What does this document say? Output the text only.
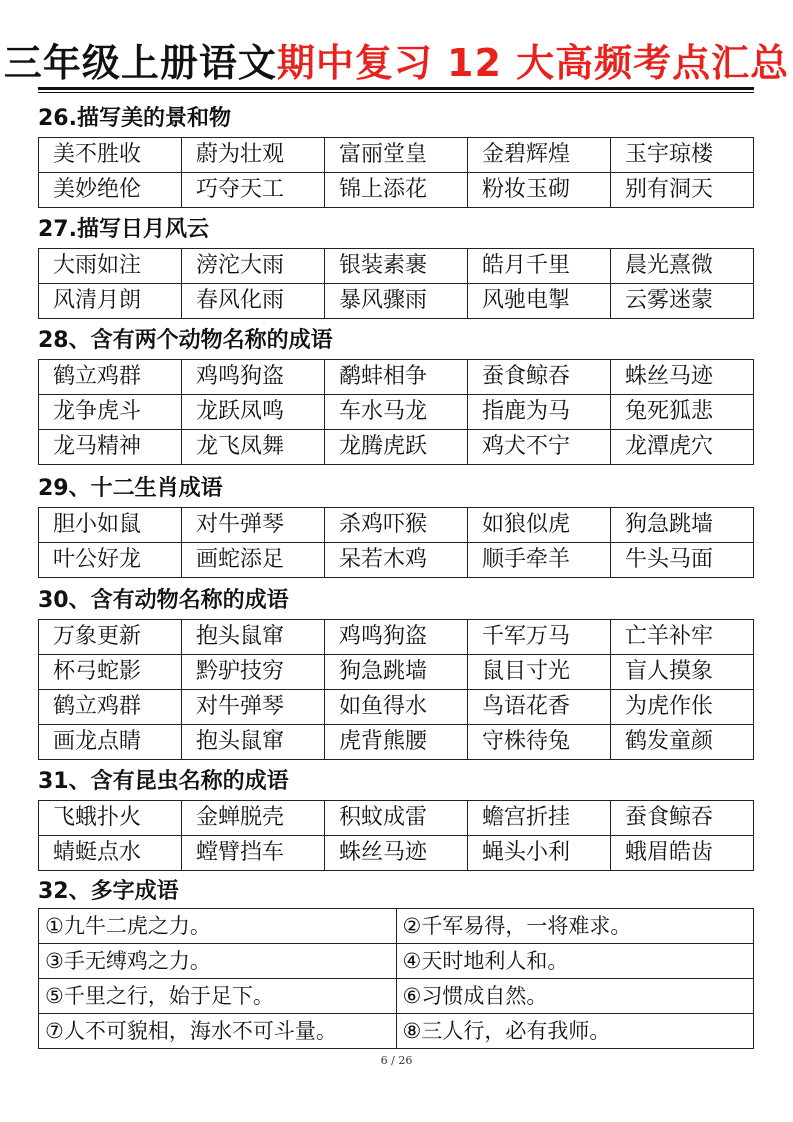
三年级上册语文期中复习 12 大高频考点汇总
26.描写美的景和物
美不胜收	蔚为壮观	富丽堂皇	金碧辉煌	玉宇琼楼
美妙绝伦	巧夺天工	锦上添花	粉妆玉砌	别有洞天
27.描写日月风云
大雨如注	滂沱大雨	银装素裹	皓月千里	晨光熹微
风清月朗	春风化雨	暴风骤雨	风驰电掣	云雾迷蒙
28、含有两个动物名称的成语
鹤立鸡群	鸡鸣狗盗	鹬蚌相争	蚕食鲸吞	蛛丝马迹
龙争虎斗	龙跃凤鸣	车水马龙	指鹿为马	兔死狐悲
龙马精神	龙飞凤舞	龙腾虎跃	鸡犬不宁	龙潭虎穴
29、十二生肖成语
胆小如鼠	对牛弹琴	杀鸡吓猴	如狼似虎	狗急跳墙
叶公好龙	画蛇添足	呆若木鸡	顺手牵羊	牛头马面
30、含有动物名称的成语
万象更新	抱头鼠窜	鸡鸣狗盗	千军万马	亡羊补牢
杯弓蛇影	黔驴技穷	狗急跳墙	鼠目寸光	盲人摸象
鹤立鸡群	对牛弹琴	如鱼得水	鸟语花香	为虎作伥
画龙点睛	抱头鼠窜	虎背熊腰	守株待兔	鹤发童颜
31、含有昆虫名称的成语
飞蛾扑火	金蝉脱壳	积蚊成雷	蟾宫折挂	蚕食鲸吞
蜻蜓点水	螳臂挡车	蛛丝马迹	蝇头小利	蛾眉皓齿
32、多字成语
①九牛二虎之力。	②千军易得，一将难求。
③手无缚鸡之力。	④天时地利人和。
⑤千里之行，始于足下。	⑥习惯成自然。
⑦人不可貌相，海水不可斗量。	⑧三人行，必有我师。
6 / 26
